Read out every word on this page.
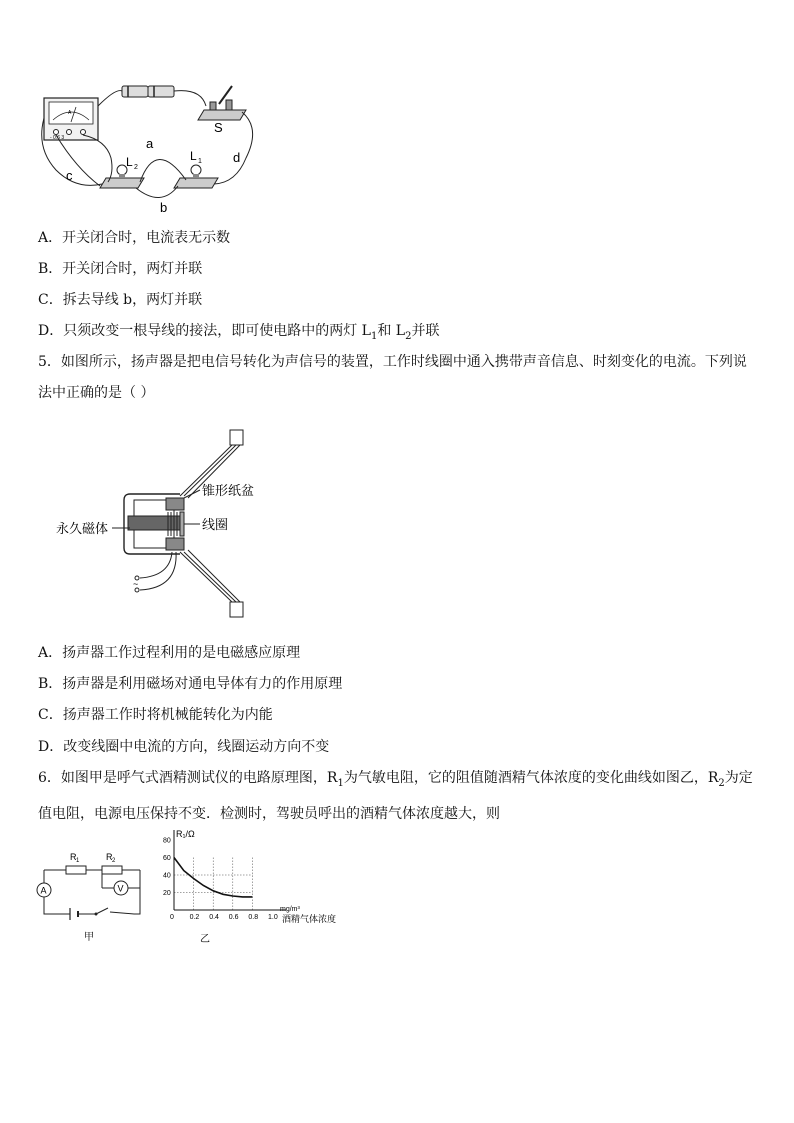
A
- 0.6 3
S
L 2
L 1
a
b
c
d
A．开关闭合时，电流表无示数
B．开关闭合时，两灯并联
C．拆去导线 b，两灯并联
D．只须改变一根导线的接法，即可使电路中的两灯 $L_1$和 $L_2$并联
5．如图所示，扬声器是把电信号转化为声信号的装置，工作时线圈中通入携带声音信息、时刻变化的电流。下列说法中正确的是（ ）
锥形纸盆
线圈
永久磁体
~
A．扬声器工作过程利用的是电磁感应原理
B．扬声器是利用磁场对通电导体有力的作用原理
C．扬声器工作时将机械能转化为内能
D．改变线圈中电流的方向，线圈运动方向不变
6．如图甲是呼气式酒精测试仪的电路原理图，$R_1$为气敏电阻，它的阻值随酒精气体浓度的变化曲线如图乙，$R_2$为定值电阻，电源电压保持不变．检测时，驾驶员呼出的酒精气体浓度越大，则
R 1	R 2
A	V
甲
0 0.2 0.4 0.6 0.8 1.0
20
40
60
80
R₁/Ω
mg/m³
酒精气体浓度
乙
